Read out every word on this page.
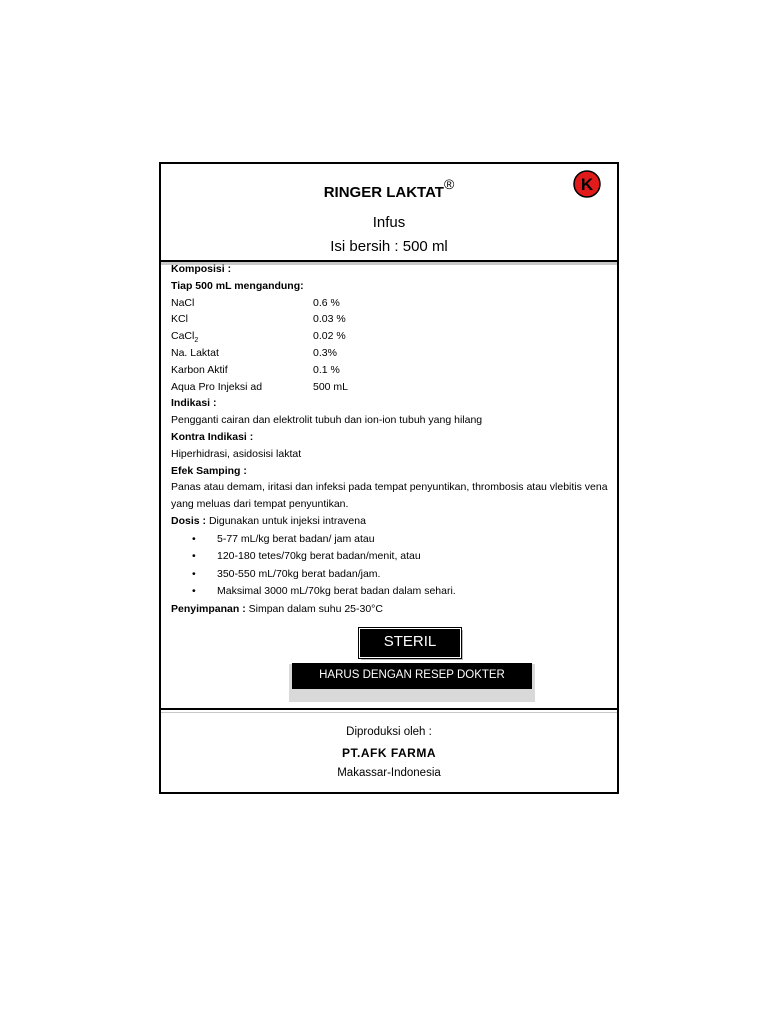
RINGER LAKTAT®
Infus
Isi bersih : 500 ml
K
Komposisi :
Tiap 500 mL mengandung:
NaCl	0.6 %
KCl	0.03 %
CaCl$_2$	0.02 %
Na. Laktat	0.3%
Karbon Aktif	0.1 %
Aqua Pro Injeksi ad	500 mL
Indikasi :
Pengganti cairan dan elektrolit tubuh dan ion-ion tubuh yang hilang
Kontra Indikasi :
Hiperhidrasi, asidosisi laktat
Efek Samping :
Panas atau demam, iritasi dan infeksi pada tempat penyuntikan, thrombosis atau vlebitis vena yang meluas dari tempat penyuntikan.
Dosis : Digunakan untuk injeksi intravena
• 5-77 mL/kg berat badan/ jam atau
• 120-180 tetes/70kg berat badan/menit, atau
• 350-550 mL/70kg berat badan/jam.
• Maksimal 3000 mL/70kg berat badan dalam sehari.
Penyimpanan : Simpan dalam suhu 25-30°C
STERIL
HARUS DENGAN RESEP DOKTER
Diproduksi oleh :
PT.AFK FARMA
Makassar-Indonesia
